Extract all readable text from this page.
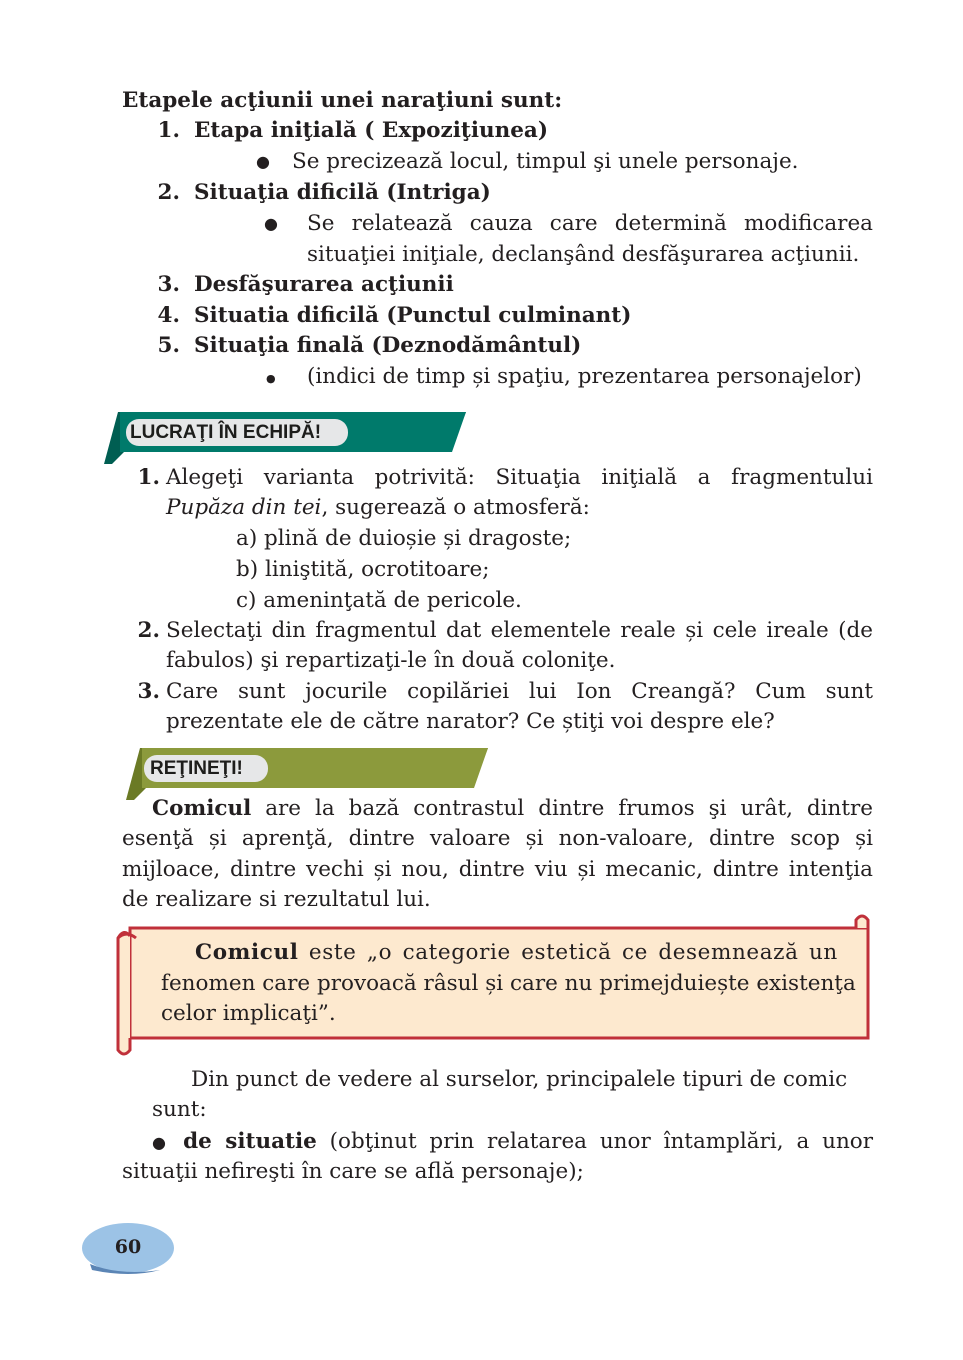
Etapele acţiunii unei naraţiuni sunt:
1. Etapa iniţială ( Expoziţiunea)
● Se precizează locul, timpul şi unele personaje.
2. Situaţia dificilă (Intriga)
● Se relatează cauza care determină modificarea
situaţiei iniţiale, declanşând desfăşurarea acţiunii.
3. Desfăşurarea acţiunii
4. Situatia dificilă (Punctul culminant)
5. Situaţia finală (Deznodământul)
● (indici de timp și spaţiu, prezentarea personajelor)
LUCRAŢI ÎN ECHIPĂ!
1. Alegeţi varianta potrivită: Situaţia iniţială a fragmentului
Pupăza din tei, sugerează o atmosferă:
a) plină de duioșie și dragoste;
b) liniştită, ocrotitoare;
c) ameninţată de pericole.
2. Selectaţi din fragmentul dat elementele reale și cele ireale (de
fabulos) şi repartizaţi-le în două coloniţe.
3. Care sunt jocurile copilăriei lui Ion Creangă? Cum sunt
prezentate ele de către narator? Ce știţi voi despre ele?
REŢINEŢI!
Comicul are la bază contrastul dintre frumos şi urât, dintre
esenţă și aprenţă, dintre valoare și non-valoare, dintre scop și
mijloace, dintre vechi și nou, dintre viu și mecanic, dintre intenţia
de realizare si rezultatul lui.
Comicul este „o categorie estetică ce desemnează un
fenomen care provoacă râsul și care nu primejduiește existenţa
celor implicaţi”.
Din punct de vedere al surselor, principalele tipuri de comic
sunt:
● de situatie (obţinut prin relatarea unor întamplări, a unor
situaţii nefireşti în care se află personaje);
60
